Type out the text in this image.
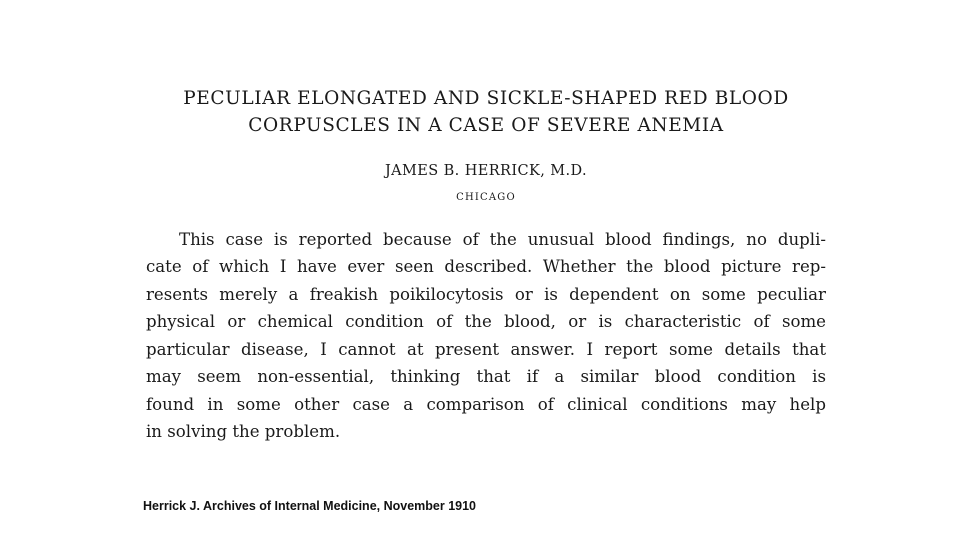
PECULIAR ELONGATED AND SICKLE-SHAPED RED BLOOD
CORPUSCLES IN A CASE OF SEVERE ANEMIA
JAMES B. HERRICK, M.D.
CHICAGO
This case is reported because of the unusual blood findings, no dupli-
cate of which I have ever seen described. Whether the blood picture rep-
resents merely a freakish poikilocytosis or is dependent on some peculiar
physical or chemical condition of the blood, or is characteristic of some
particular disease, I cannot at present answer. I report some details that
may seem non-essential, thinking that if a similar blood condition is
found in some other case a comparison of clinical conditions may help
in solving the problem.
Herrick J. Archives of Internal Medicine, November 1910
